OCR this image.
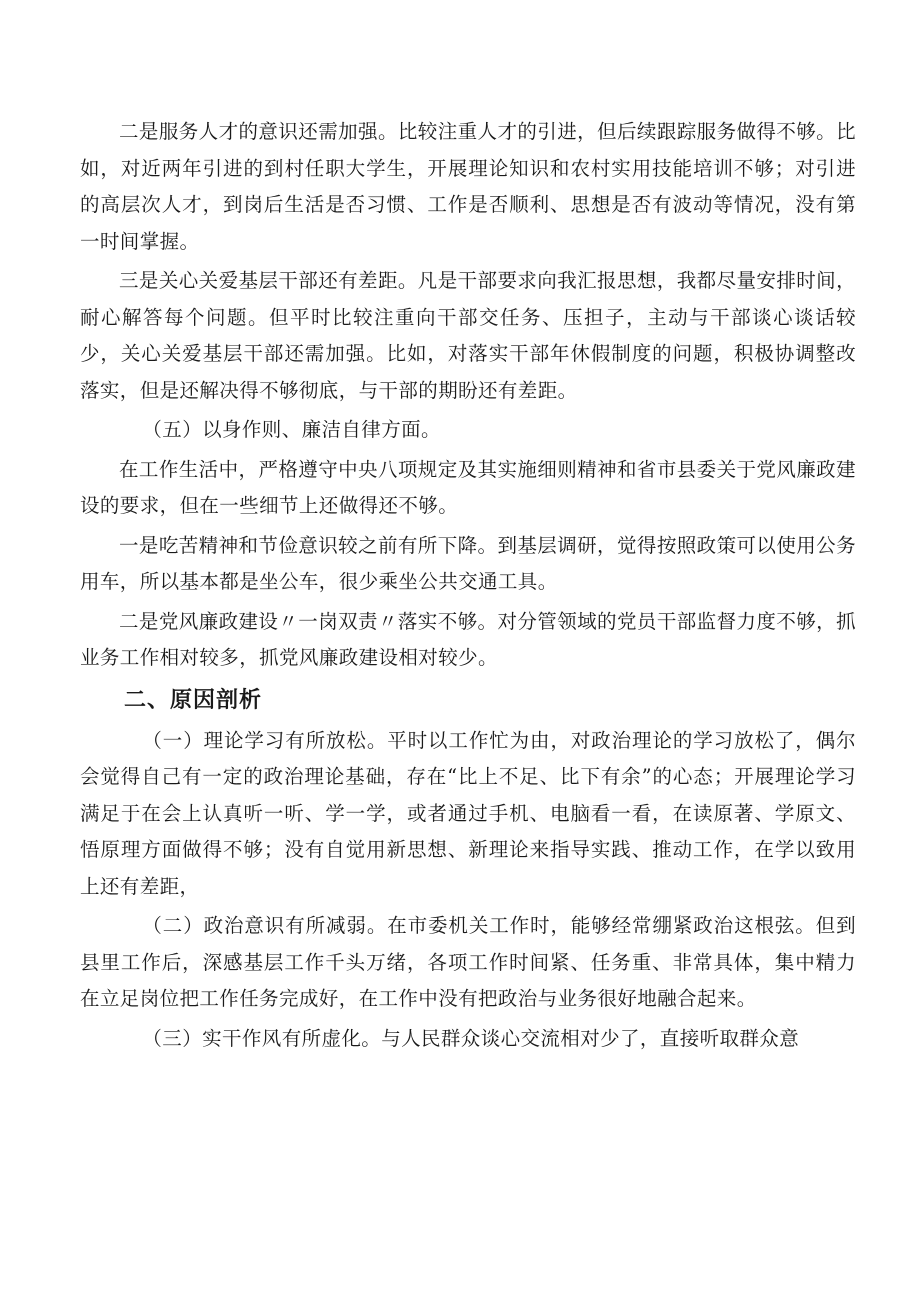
二是服务人才的意识还需加强。比较注重人才的引进，但后续跟踪服务做得不够。比如，对近两年引进的到村任职大学生，开展理论知识和农村实用技能培训不够；对引进的高层次人才，到岗后生活是否习惯、工作是否顺利、思想是否有波动等情况，没有第一时间掌握。

三是关心关爱基层干部还有差距。凡是干部要求向我汇报思想，我都尽量安排时间，耐心解答每个问题。但平时比较注重向干部交任务、压担子，主动与干部谈心谈话较少，关心关爱基层干部还需加强。比如，对落实干部年休假制度的问题，积极协调整改落实，但是还解决得不够彻底，与干部的期盼还有差距。

（五）以身作则、廉洁自律方面。

在工作生活中，严格遵守中央八项规定及其实施细则精神和省市县委关于党风廉政建设的要求，但在一些细节上还做得还不够。

一是吃苦精神和节俭意识较之前有所下降。到基层调研，觉得按照政策可以使用公务用车，所以基本都是坐公车，很少乘坐公共交通工具。

二是党风廉政建设〃一岗双责〃落实不够。对分管领域的党员干部监督力度不够，抓业务工作相对较多，抓党风廉政建设相对较少。

二、原因剖析

（一）理论学习有所放松。平时以工作忙为由，对政治理论的学习放松了，偶尔会觉得自己有一定的政治理论基础，存在“比上不足、比下有余”的心态；开展理论学习满足于在会上认真听一听、学一学，或者通过手机、电脑看一看，在读原著、学原文、悟原理方面做得不够；没有自觉用新思想、新理论来指导实践、推动工作，在学以致用上还有差距，

（二）政治意识有所减弱。在市委机关工作时，能够经常绷紧政治这根弦。但到县里工作后，深感基层工作千头万绪，各项工作时间紧、任务重、非常具体，集中精力在立足岗位把工作任务完成好，在工作中没有把政治与业务很好地融合起来。

（三）实干作风有所虚化。与人民群众谈心交流相对少了，直接听取群众意
